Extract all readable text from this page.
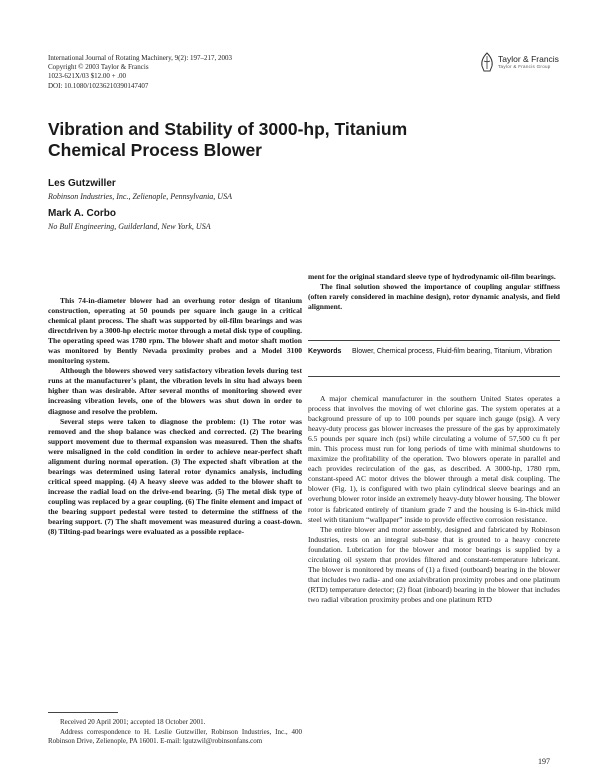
International Journal of Rotating Machinery, 9(2): 197–217, 2003
Copyright © 2003 Taylor & Francis
1023-621X/03 $12.00 + .00
DOI: 10.1080/10236210390147407
Taylor & Francis
Taylor & Francis Group
Vibration and Stability of 3000-hp, Titanium
Chemical Process Blower
Les Gutzwiller
Robinson Industries, Inc., Zelienople, Pennsylvania, USA
Mark A. Corbo
No Bull Engineering, Guilderland, New York, USA

This 74-in-diameter blower had an overhung rotor design of titanium construction, operating at 50 pounds per square inch gauge in a critical chemical plant process. The shaft was supported by oil-film bearings and was directdriven by a 3000-hp electric motor through a metal disk type of coupling. The operating speed was 1780 rpm. The blower shaft and motor shaft motion was monitored by Bently Nevada proximity probes and a Model 3100 monitoring system.

Although the blowers showed very satisfactory vibration levels during test runs at the manufacturer's plant, the vibration levels in situ had always been higher than was desirable. After several months of monitoring showed ever increasing vibration levels, one of the blowers was shut down in order to diagnose and resolve the problem.

Several steps were taken to diagnose the problem: (1) The rotor was removed and the shop balance was checked and corrected. (2) The bearing support movement due to thermal expansion was measured. Then the shafts were misaligned in the cold condition in order to achieve near-perfect shaft alignment during normal operation. (3) The expected shaft vibration at the bearings was determined using lateral rotor dynamics analysis, including critical speed mapping. (4) A heavy sleeve was added to the blower shaft to increase the radial load on the drive-end bearing. (5) The metal disk type of coupling was replaced by a gear coupling. (6) The finite element and impact of the bearing support pedestal were tested to determine the stiffness of the bearing support. (7) The shaft movement was measured during a coast-down. (8) Tilting-pad bearings were evaluated as a possible replace-

ment for the original standard sleeve type of hydrodynamic oil-film bearings.

The final solution showed the importance of coupling angular stiffness (often rarely considered in machine design), rotor dynamic analysis, and field alignment.

Keywords Blower, Chemical process, Fluid-film bearing, Titanium, Vibration

A major chemical manufacturer in the southern United States operates a process that involves the moving of wet chlorine gas. The system operates at a background pressure of up to 100 pounds per square inch gauge (psig). A very heavy-duty process gas blower increases the pressure of the gas by approximately 6.5 pounds per square inch (psi) while circulating a volume of 57,500 cu ft per min. This process must run for long periods of time with minimal shutdowns to maximize the profitability of the operation. Two blowers operate in parallel and each provides recirculation of the gas, as described. A 3000-hp, 1780 rpm, constant-speed AC motor drives the blower through a metal disk coupling. The blower (Fig. 1), is configured with two plain cylindrical sleeve bearings and an overhung blower rotor inside an extremely heavy-duty blower housing. The blower rotor is fabricated entirely of titanium grade 7 and the housing is 6-in-thick mild steel with titanium “wallpaper” inside to provide effective corrosion resistance.

The entire blower and motor assembly, designed and fabricated by Robinson Industries, rests on an integral sub-base that is grouted to a heavy concrete foundation. Lubrication for the blower and motor bearings is supplied by a circulating oil system that provides filtered and constant-temperature lubricant. The blower is monitored by means of (1) a fixed (outboard) bearing in the blower that includes two radia- and one axialvibration proximity probes and one platinum (RTD) temperature detector; (2) float (inboard) bearing in the blower that includes two radial vibration proximity probes and one platinum RTD

Received 20 April 2001; accepted 18 October 2001.

Address correspondence to H. Leslie Gutzwiller, Robinson Industries, Inc., 400 Robinson Drive, Zelienople, PA 16001. E-mail: lgutzwil@robinsonfans.com

197
